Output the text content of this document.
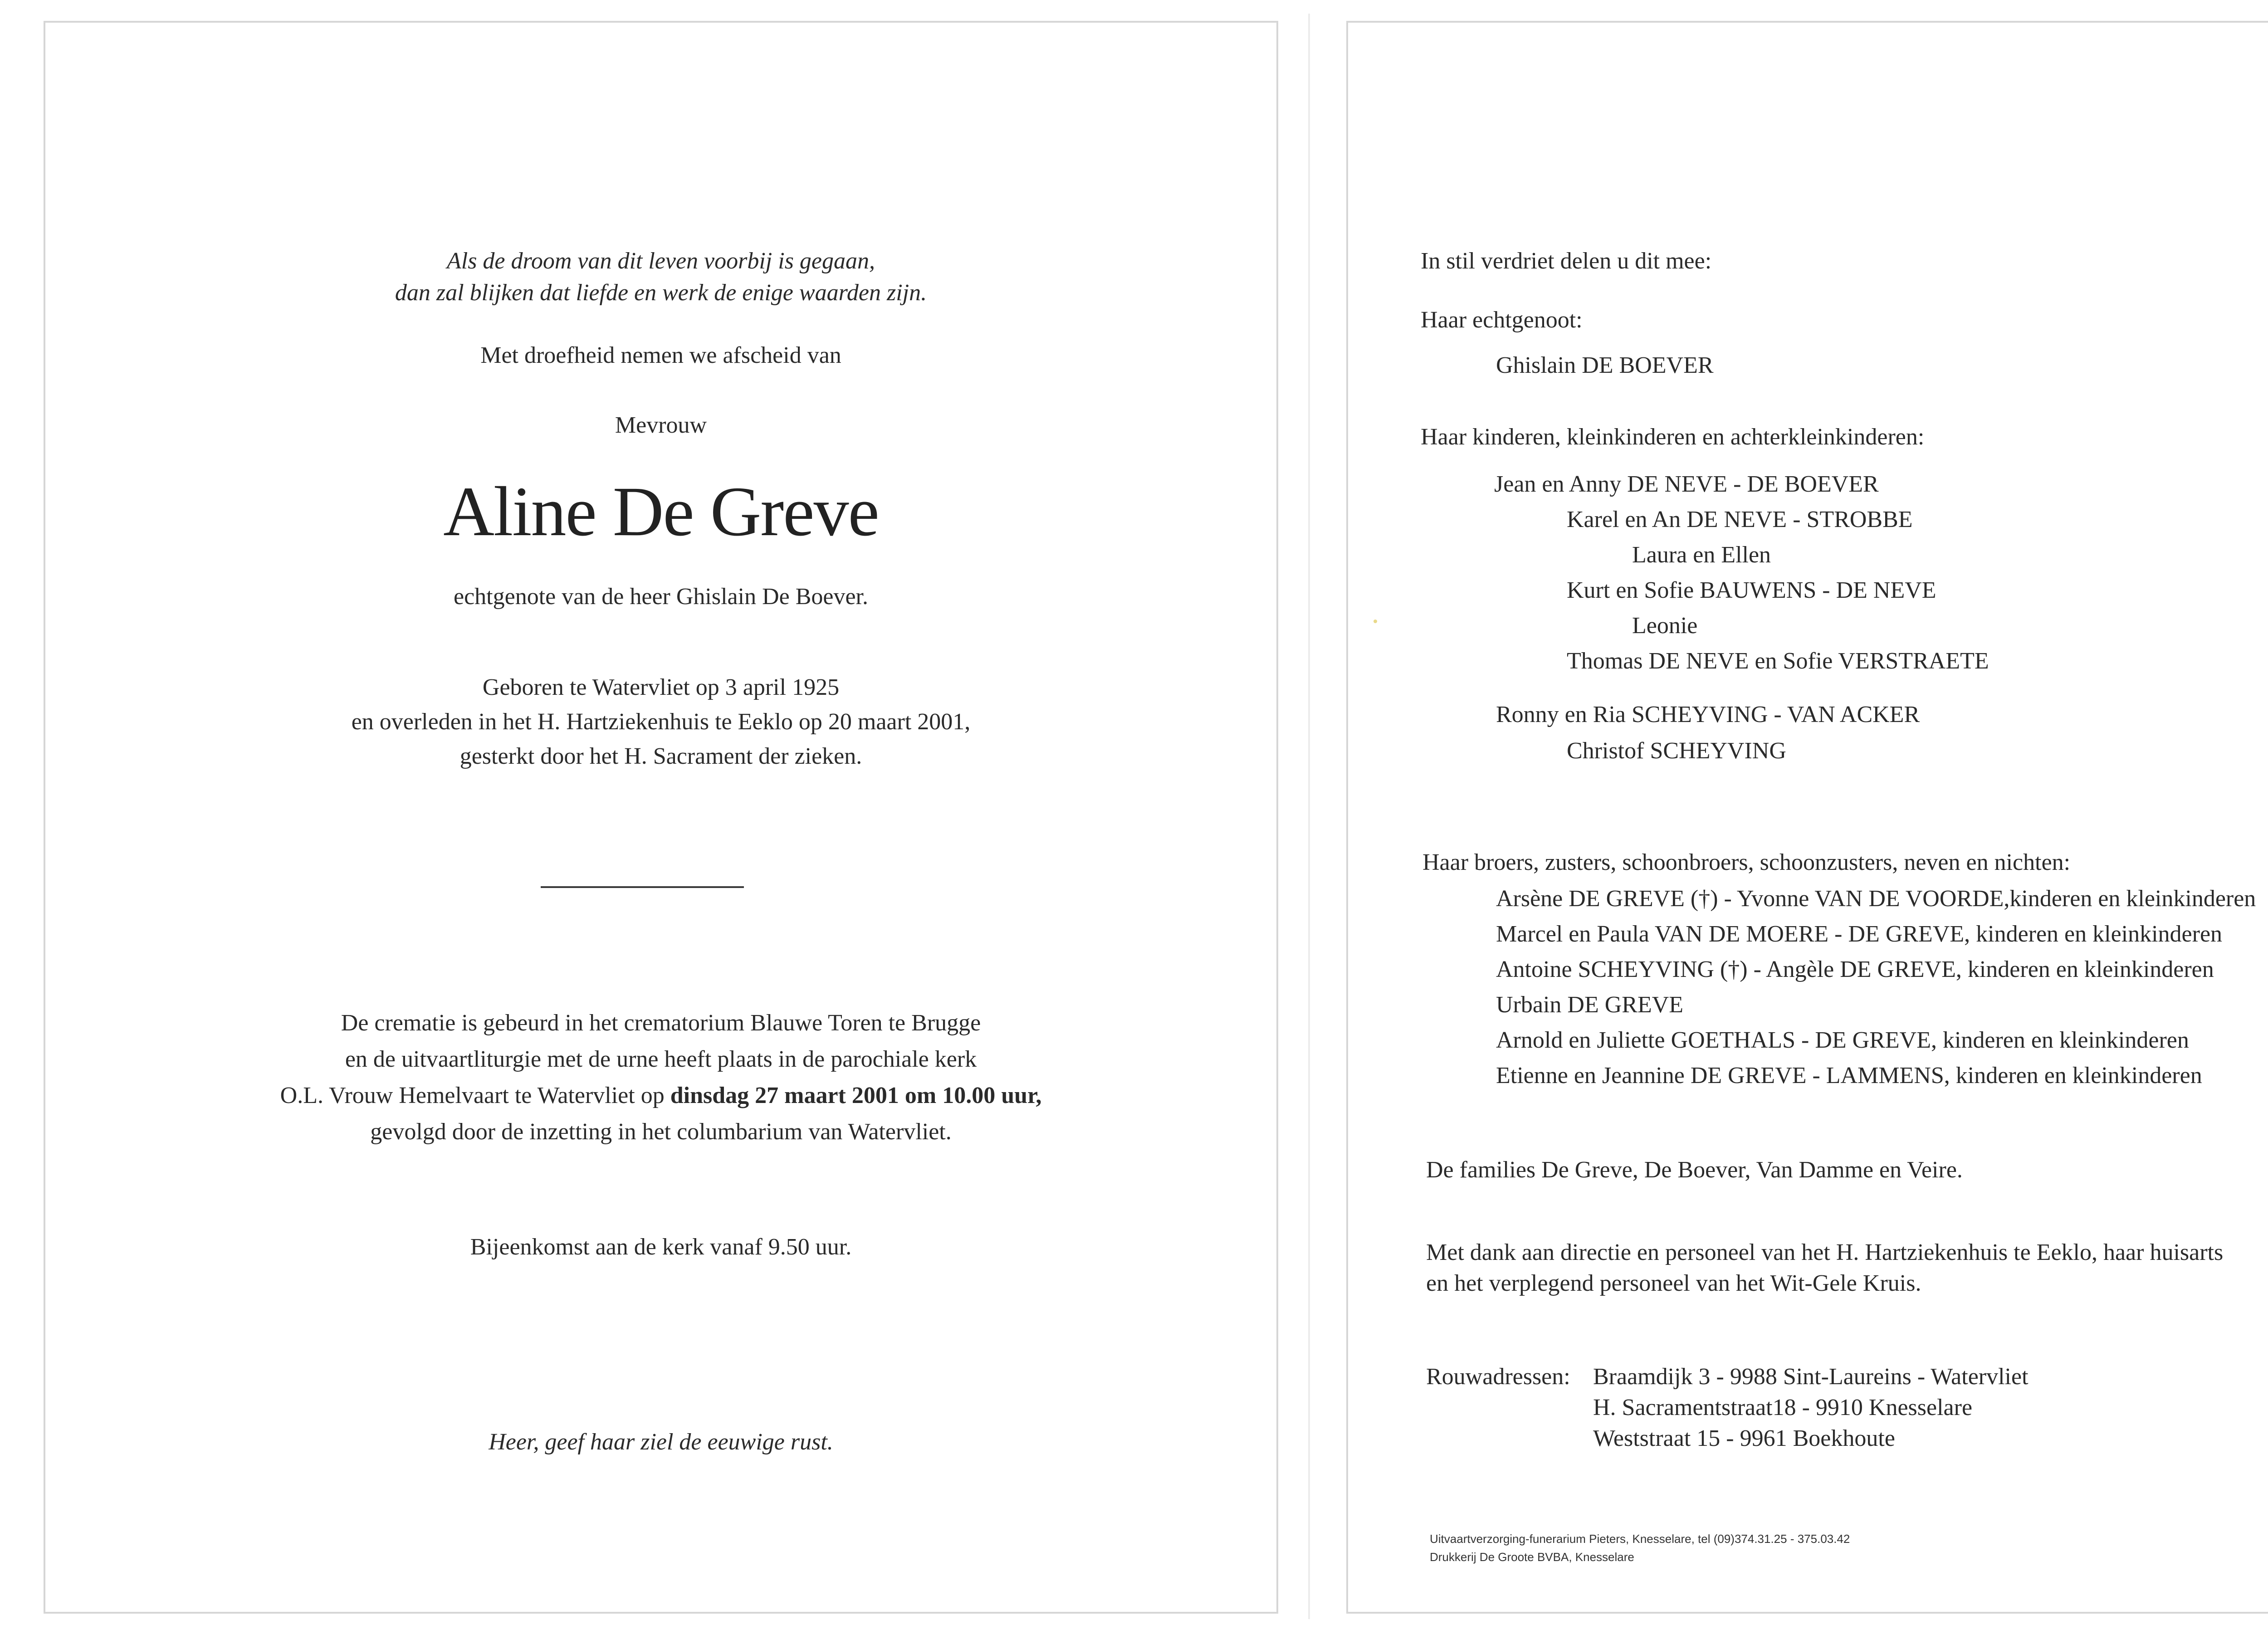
Als de droom van dit leven voorbij is gegaan,

dan zal blijken dat liefde en werk de enige waarden zijn.

Met droefheid nemen we afscheid van

Mevrouw

Aline De Greve

echtgenote van de heer Ghislain De Boever.

Geboren te Watervliet op 3 april 1925

en overleden in het H. Hartziekenhuis te Eeklo op 20 maart 2001,

gesterkt door het H. Sacrament der zieken.

De crematie is gebeurd in het crematorium Blauwe Toren te Brugge

en de uitvaartliturgie met de urne heeft plaats in de parochiale kerk

O.L. Vrouw Hemelvaart te Watervliet op dinsdag 27 maart 2001 om 10.00 uur,

gevolgd door de inzetting in het columbarium van Watervliet.

Bijeenkomst aan de kerk vanaf 9.50 uur.

Heer, geef haar ziel de eeuwige rust.

In stil verdriet delen u dit mee:

Haar echtgenoot:

Ghislain DE BOEVER

Haar kinderen, kleinkinderen en achterkleinkinderen:

Jean en Anny DE NEVE - DE BOEVER

Karel en An DE NEVE - STROBBE

Laura en Ellen

Kurt en Sofie BAUWENS - DE NEVE

Leonie

Thomas DE NEVE en Sofie VERSTRAETE

Ronny en Ria SCHEYVING - VAN ACKER

Christof SCHEYVING

Haar broers, zusters, schoonbroers, schoonzusters, neven en nichten:

Arsène DE GREVE (†) - Yvonne VAN DE VOORDE,kinderen en kleinkinderen

Marcel en Paula VAN DE MOERE - DE GREVE, kinderen en kleinkinderen

Antoine SCHEYVING (†) - Angèle DE GREVE, kinderen en kleinkinderen

Urbain DE GREVE

Arnold en Juliette GOETHALS - DE GREVE, kinderen en kleinkinderen

Etienne en Jeannine DE GREVE - LAMMENS, kinderen en kleinkinderen

De families De Greve, De Boever, Van Damme en Veire.

Met dank aan directie en personeel van het H. Hartziekenhuis te Eeklo, haar huisarts

en het verplegend personeel van het Wit-Gele Kruis.

Rouwadressen: Braamdijk 3 - 9988 Sint-Laureins - Watervliet

H. Sacramentstraat18 - 9910 Knesselare

Weststraat 15 - 9961 Boekhoute

Uitvaartverzorging-funerarium Pieters, Knesselare, tel (09)374.31.25 - 375.03.42

Drukkerij De Groote BVBA, Knesselare
